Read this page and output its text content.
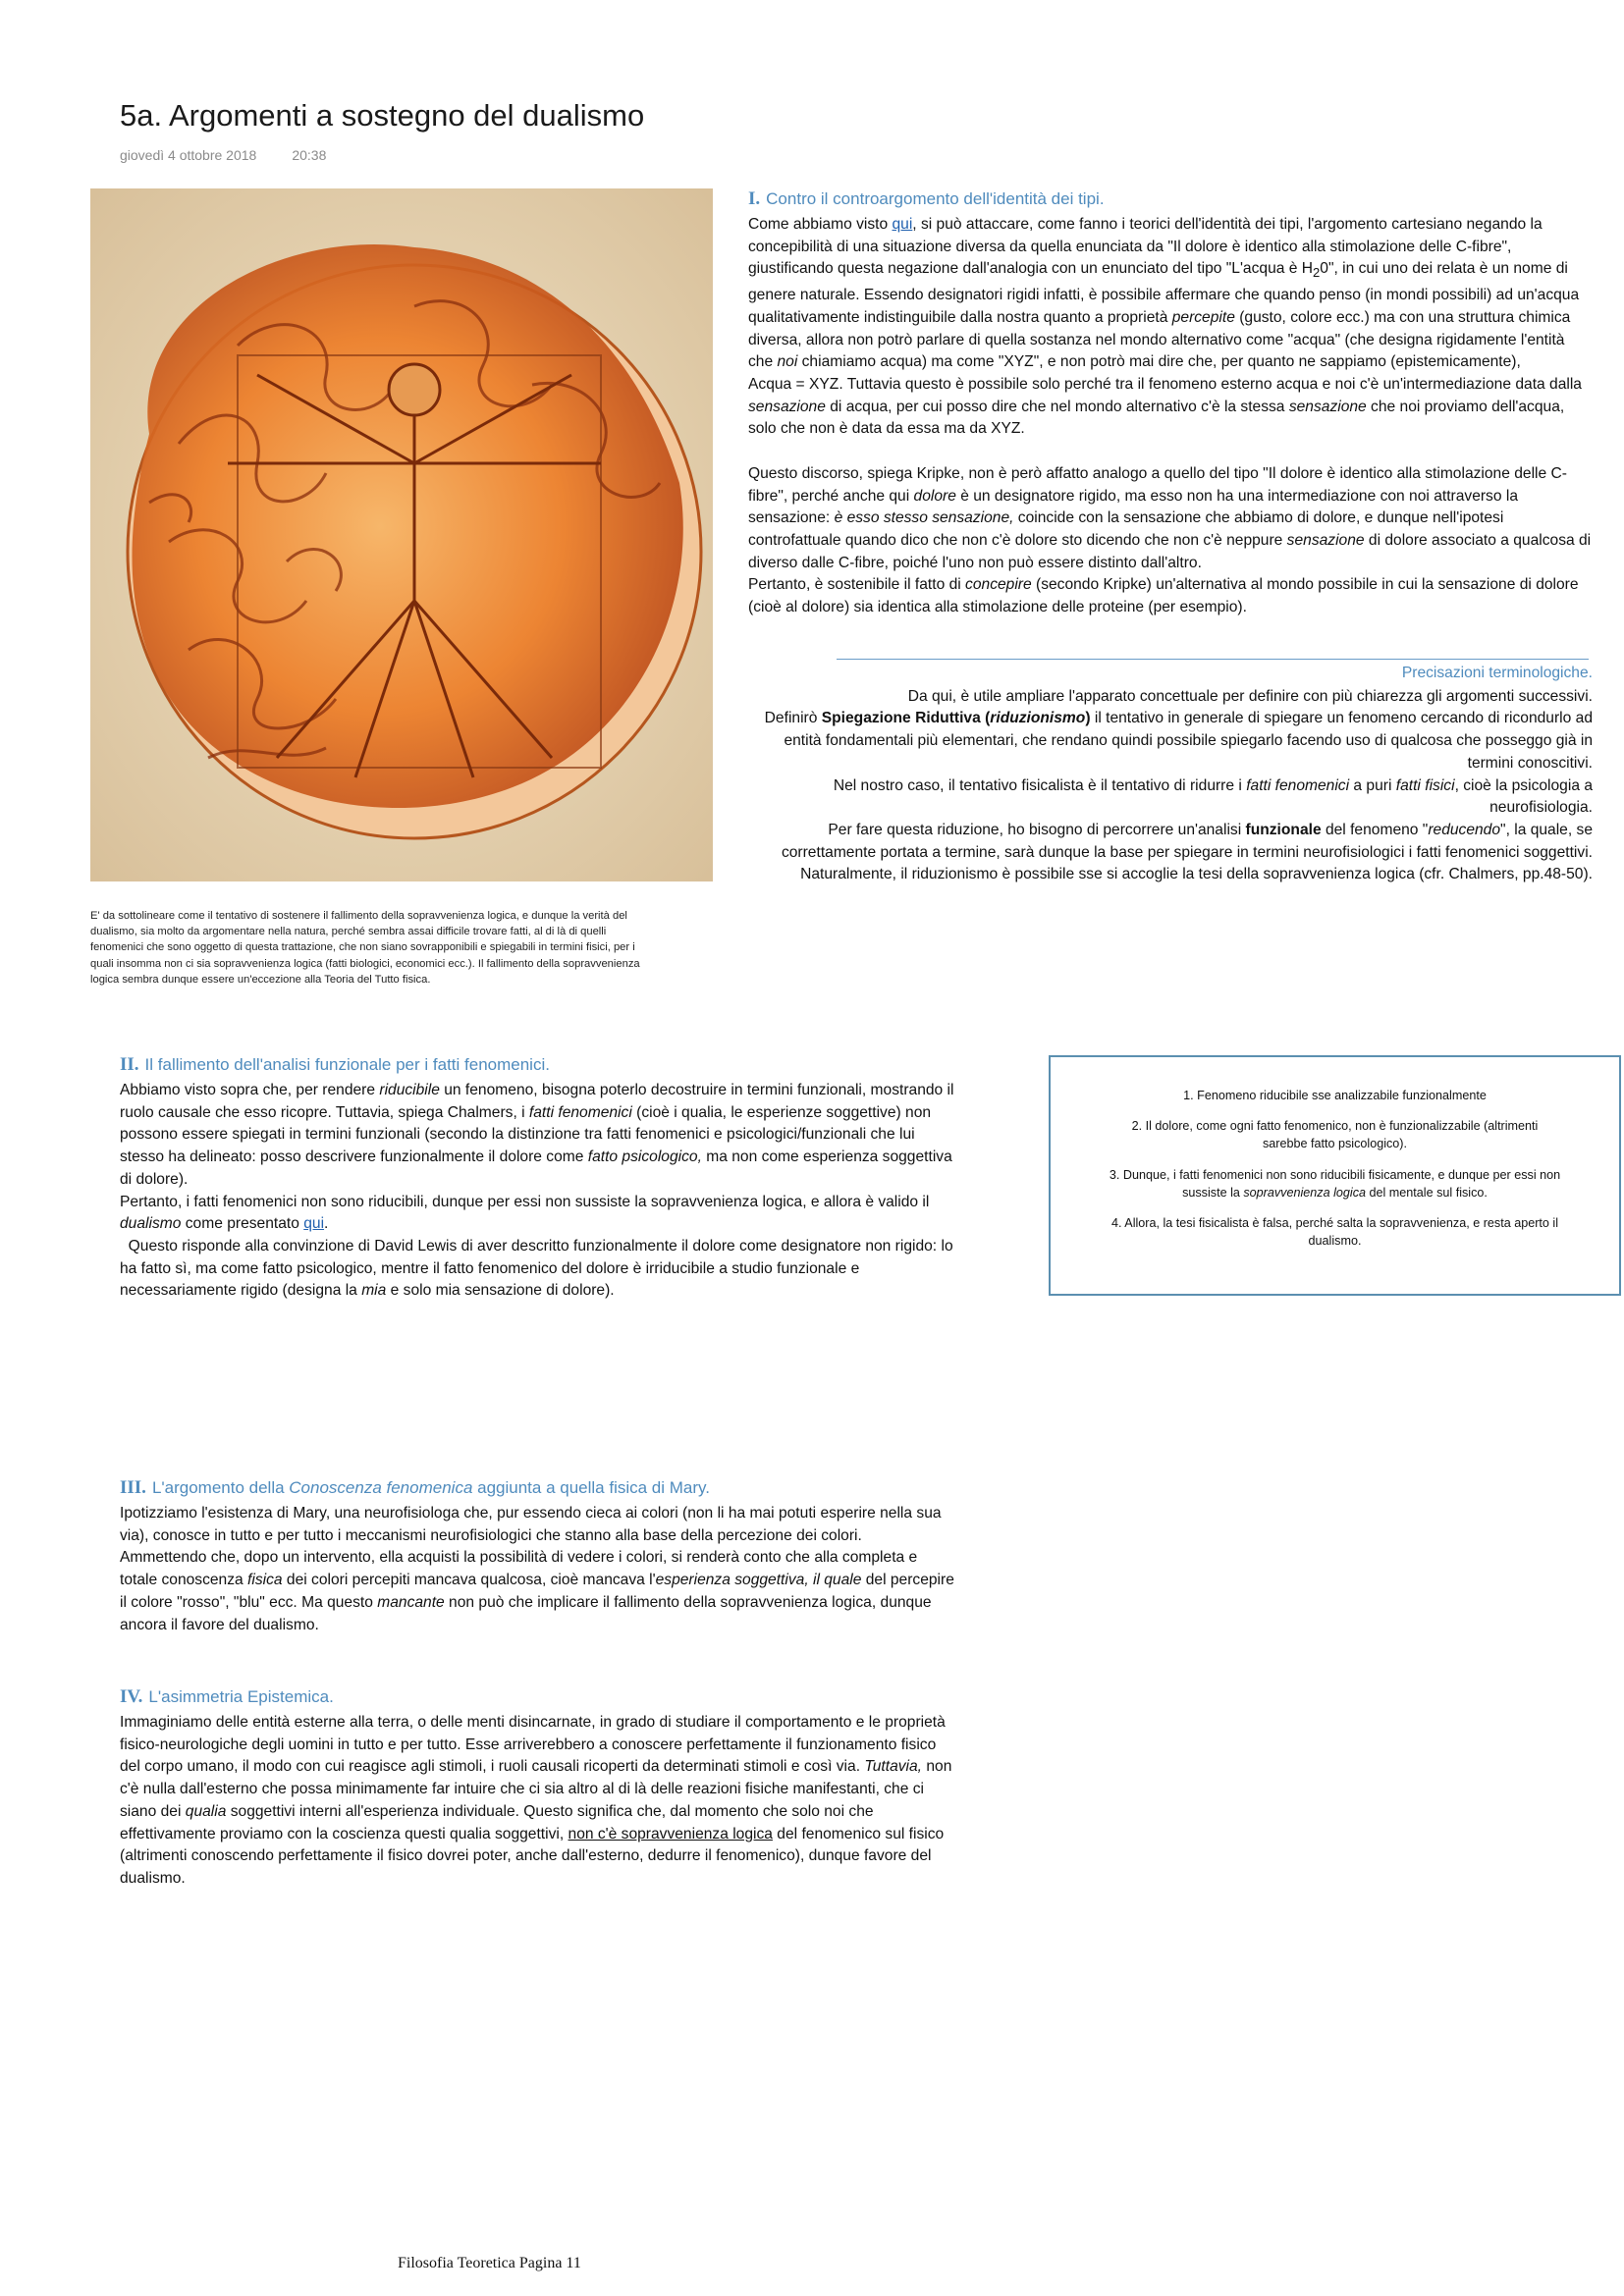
5a. Argomenti a sostegno del dualismo
giovedì 4 ottobre 2018	20:38
E' da sottolineare come il tentativo di sostenere il fallimento della sopravvenienza logica, e dunque la verità del dualismo, sia molto da argomentare nella natura, perché sembra assai difficile trovare fatti, al di là di quelli fenomenici che sono oggetto di questa trattazione, che non siano sovrapponibili e spiegabili in termini fisici, per i quali insomma non ci sia sopravvenienza logica (fatti biologici, economici ecc.). Il fallimento della sopravvenienza logica sembra dunque essere un'eccezione alla Teoria del Tutto fisica.
I. Contro il controargomento dell'identità dei tipi.

Come abbiamo visto qui, si può attaccare, come fanno i teorici dell'identità dei tipi, l'argomento cartesiano negando la concepibilità di una situazione diversa da quella enunciata da "Il dolore è identico alla stimolazione delle C-fibre", giustificando questa negazione dall'analogia con un enunciato del tipo "L'acqua è $H_20$", in cui uno dei relata è un nome di genere naturale. Essendo designatori rigidi infatti, è possibile affermare che quando penso (in mondi possibili) ad un'acqua qualitativamente indistinguibile dalla nostra quanto a proprietà percepite (gusto, colore ecc.) ma con una struttura chimica diversa, allora non potrò parlare di quella sostanza nel mondo alternativo come "acqua" (che designa rigidamente l'entità che noi chiamiamo acqua) ma come "XYZ", e non potrò mai dire che, per quanto ne sappiamo (epistemicamente),

Acqua = XYZ. Tuttavia questo è possibile solo perché tra il fenomeno esterno acqua e noi c'è un'intermediazione data dalla sensazione di acqua, per cui posso dire che nel mondo alternativo c'è la stessa sensazione che noi proviamo dell'acqua, solo che non è data da essa ma da XYZ.

Questo discorso, spiega Kripke, non è però affatto analogo a quello del tipo "Il dolore è identico alla stimolazione delle C-fibre", perché anche qui dolore è un designatore rigido, ma esso non ha una intermediazione con noi attraverso la sensazione: è esso stesso sensazione, coincide con la sensazione che abbiamo di dolore, e dunque nell'ipotesi controfattuale quando dico che non c'è dolore sto dicendo che non c'è neppure sensazione di dolore associato a qualcosa di diverso dalle C-fibre, poiché l'uno non può essere distinto dall'altro.

Pertanto, è sostenibile il fatto di concepire (secondo Kripke) un'alternativa al mondo possibile in cui la sensazione di dolore (cioè al dolore) sia identica alla stimolazione delle proteine (per esempio).

Precisazioni terminologiche.

Da qui, è utile ampliare l'apparato concettuale per definire con più chiarezza gli argomenti successivi.

Definirò Spiegazione Riduttiva (riduzionismo) il tentativo in generale di spiegare un fenomeno cercando di ricondurlo ad entità fondamentali più elementari, che rendano quindi possibile spiegarlo facendo uso di qualcosa che posseggo già in termini conoscitivi.

Nel nostro caso, il tentativo fisicalista è il tentativo di ridurre i fatti fenomenici a puri fatti fisici, cioè la psicologia a neurofisiologia.

Per fare questa riduzione, ho bisogno di percorrere un'analisi funzionale del fenomeno "reducendo", la quale, se correttamente portata a termine, sarà dunque la base per spiegare in termini neurofisiologici i fatti fenomenici soggettivi. Naturalmente, il riduzionismo è possibile sse si accoglie la tesi della sopravvenienza logica (cfr. Chalmers, pp.48-50).

II. Il fallimento dell'analisi funzionale per i fatti fenomenici.

Abbiamo visto sopra che, per rendere riducibile un fenomeno, bisogna poterlo decostruire in termini funzionali, mostrando il ruolo causale che esso ricopre. Tuttavia, spiega Chalmers, i fatti fenomenici (cioè i qualia, le esperienze soggettive) non possono essere spiegati in termini funzionali (secondo la distinzione tra fatti fenomenici e psicologici/funzionali che lui stesso ha delineato: posso descrivere funzionalmente il dolore come fatto psicologico, ma non come esperienza soggettiva di dolore).

Pertanto, i fatti fenomenici non sono riducibili, dunque per essi non sussiste la sopravvenienza logica, e allora è valido il dualismo come presentato qui.

Questo risponde alla convinzione di David Lewis di aver descritto funzionalmente il dolore come designatore non rigido: lo ha fatto sì, ma come fatto psicologico, mentre il fatto fenomenico del dolore è irriducibile a studio funzionale e necessariamente rigido (designa la mia e solo mia sensazione di dolore).

1. Fenomeno riducibile sse analizzabile funzionalmente

2. Il dolore, come ogni fatto fenomenico, non è funzionalizzabile (altrimenti sarebbe fatto psicologico).

3. Dunque, i fatti fenomenici non sono riducibili fisicamente, e dunque per essi non sussiste la sopravvenienza logica del mentale sul fisico.

4. Allora, la tesi fisicalista è falsa, perché salta la sopravvenienza, e resta aperto il dualismo.

III. L'argomento della Conoscenza fenomenica aggiunta a quella fisica di Mary.

Ipotizziamo l'esistenza di Mary, una neurofisiologa che, pur essendo cieca ai colori (non li ha mai potuti esperire nella sua via), conosce in tutto e per tutto i meccanismi neurofisiologici che stanno alla base della percezione dei colori.

Ammettendo che, dopo un intervento, ella acquisti la possibilità di vedere i colori, si renderà conto che alla completa e totale conoscenza fisica dei colori percepiti mancava qualcosa, cioè mancava l'esperienza soggettiva, il quale del percepire il colore "rosso", "blu" ecc. Ma questo mancante non può che implicare il fallimento della sopravvenienza logica, dunque ancora il favore del dualismo.

IV. L'asimmetria Epistemica.

Immaginiamo delle entità esterne alla terra, o delle menti disincarnate, in grado di studiare il comportamento e le proprietà fisico-neurologiche degli uomini in tutto e per tutto. Esse arriverebbero a conoscere perfettamente il funzionamento fisico del corpo umano, il modo con cui reagisce agli stimoli, i ruoli causali ricoperti da determinati stimoli e così via. Tuttavia, non c'è nulla dall'esterno che possa minimamente far intuire che ci sia altro al di là delle reazioni fisiche manifestanti, che ci siano dei qualia soggettivi interni all'esperienza individuale. Questo significa che, dal momento che solo noi che effettivamente proviamo con la coscienza questi qualia soggettivi, non c'è sopravvenienza logica del fenomenico sul fisico (altrimenti conoscendo perfettamente il fisico dovrei poter, anche dall'esterno, dedurre il fenomenico), dunque favore del dualismo.

Filosofia Teoretica Pagina 11
